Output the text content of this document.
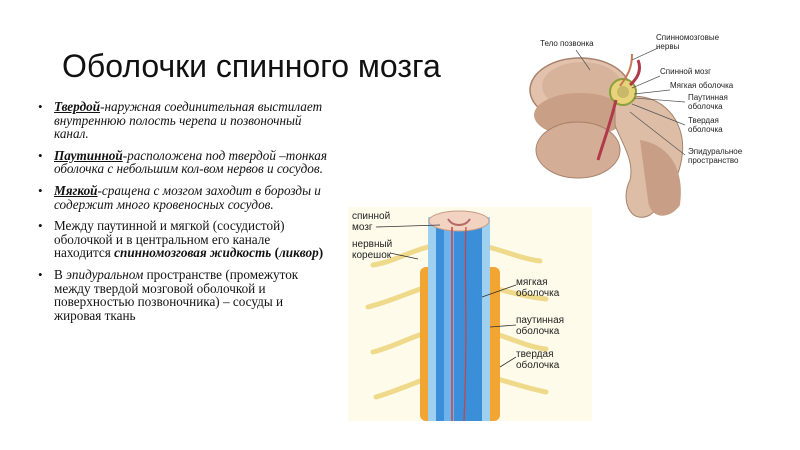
Оболочки спинного мозга
• Твердой-наружная соединительная выстилает внутреннюю полость черепа и позвоночный канал.
• Паутинной-расположена под твердой –тонкая оболочка с небольшим кол-вом нервов и сосудов.
• Мягкой-сращена с мозгом заходит в борозды и содержит много кровеносных сосудов.
• Между паутинной и мягкой (сосудистой) оболочкой и в центральном его канале находится спинномозговая жидкость (ликвор)
• В эпидуральном пространстве (промежуток между твердой мозговой оболочкой и поверхностью позвоночника) – сосуды и жировая ткань
Тело позвонка
Спинномозговые
нервы
Спинной мозг
Мягкая оболочка
Паутинная
оболочка
Твердая
оболочка
Эпидуральное
пространство
спинной
мозг
нервный
корешок
мягкая
оболочка
паутинная
оболочка
твердая
оболочка
